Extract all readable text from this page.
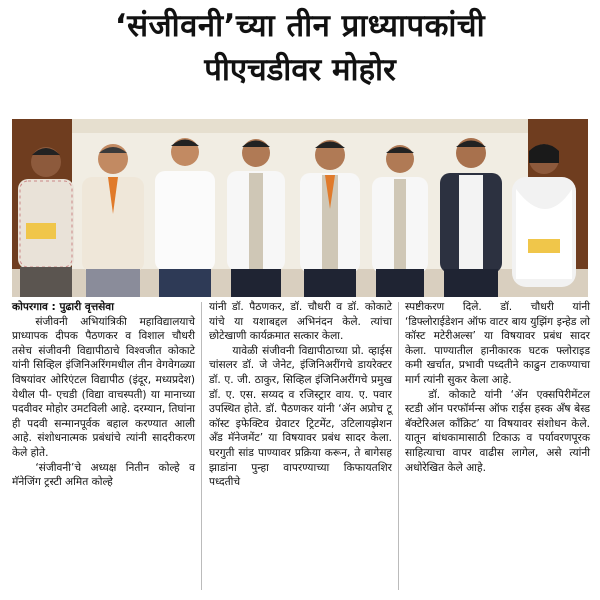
‘संजीवनी’च्या तीन प्राध्यापकांची
पीएचडीवर मोहोर

कोपरगाव : पुढारी वृत्तसेवा

संजीवनी अभियांत्रिकी महाविद्यालयाचे प्राध्यापक दीपक पैठणकर व विशाल चौधरी तसेच संजीवनी विद्यापीठाचे विश्वजीत कोकाटे यांनी सिव्हिल इंजिनिअरिंगमधील तीन वेगवेगळ्या विषयांवर ओरिएंटल विद्यापीठ (इंदूर, मध्यप्रदेश) येथील पी- एचडी (विद्या वाचस्पती) या मानाच्या पदवीवर मोहोर उमटविली आहे. दरम्यान, तिघांना ही पदवी सन्मानपूर्वक बहाल करण्यात आली आहे. संशोधनात्मक प्रबंधांचे त्यांनी सादरीकरण केले होते.

‘संजीवनी’चे अध्यक्ष नितीन कोल्हे व मॅनेजिंग ट्रस्टी अमित कोल्हे

यांनी डॉ. पैठणकर, डॉ. चौधरी व डॉ. कोकाटे यांचे या यशाबद्दल अभिनंदन केले. त्यांचा छोटेखाणी कार्यक्रमात सत्कार केला.

यावेळी संजीवनी विद्यापीठाच्या प्रो. व्हाईस चांसलर डॉ. जे जेनेट, इंजिनिअरींगचे डायरेक्टर डॉ. ए. जी. ठाकुर, सिव्हिल इंजिनिअरींगचे प्रमुख डॉ. ए. एस. सय्यद व रजिस्ट्रार वाय. ए. पवार उपस्थित होते. डॉ. पैठणकर यांनी ‘ॲन अप्रोच टू कॉस्ट इफेक्टिव ग्रेवाटर ट्रिटमेंट, उटिलायझेशन अँड मॅनेजमेंट’ या विषयावर प्रबंध सादर केला. घरगुती सांड पाण्यावर प्रक्रिया करून, ते बागेसह झाडांना पुन्हा वापरण्याच्या किफायतशिर पध्दतीचे

स्पष्टीकरण दिले. डॉ. चौधरी यांनी ‘डिफ्लोराईडेशन ऑफ वाटर बाय युझिंग इन्हेड लो कॉस्ट मटेरीअल्स’ या विषयावर प्रबंध सादर केला. पाण्यातील हानीकारक घटक फ्लोराइड कमी खर्चात, प्रभावी पध्दतीने काढुन टाकण्याचा मार्ग त्यांनी सुकर केला आहे.

डॉ. कोकाटे यांनी ‘ॲन एक्सपिरीमेंटल स्टडी ऑन परफॉर्मन्स ऑफ राईस हस्क अँष बेस्ड बॅक्टेरिअल कॉंक्रिट’ या विषयावर संशोधन केले. यातून बांधकामासाठी टिकाऊ व पर्यावरणपूरक साहित्याचा वापर वाढीस लागेल, असे त्यांनी अधोरेखित केले आहे.
